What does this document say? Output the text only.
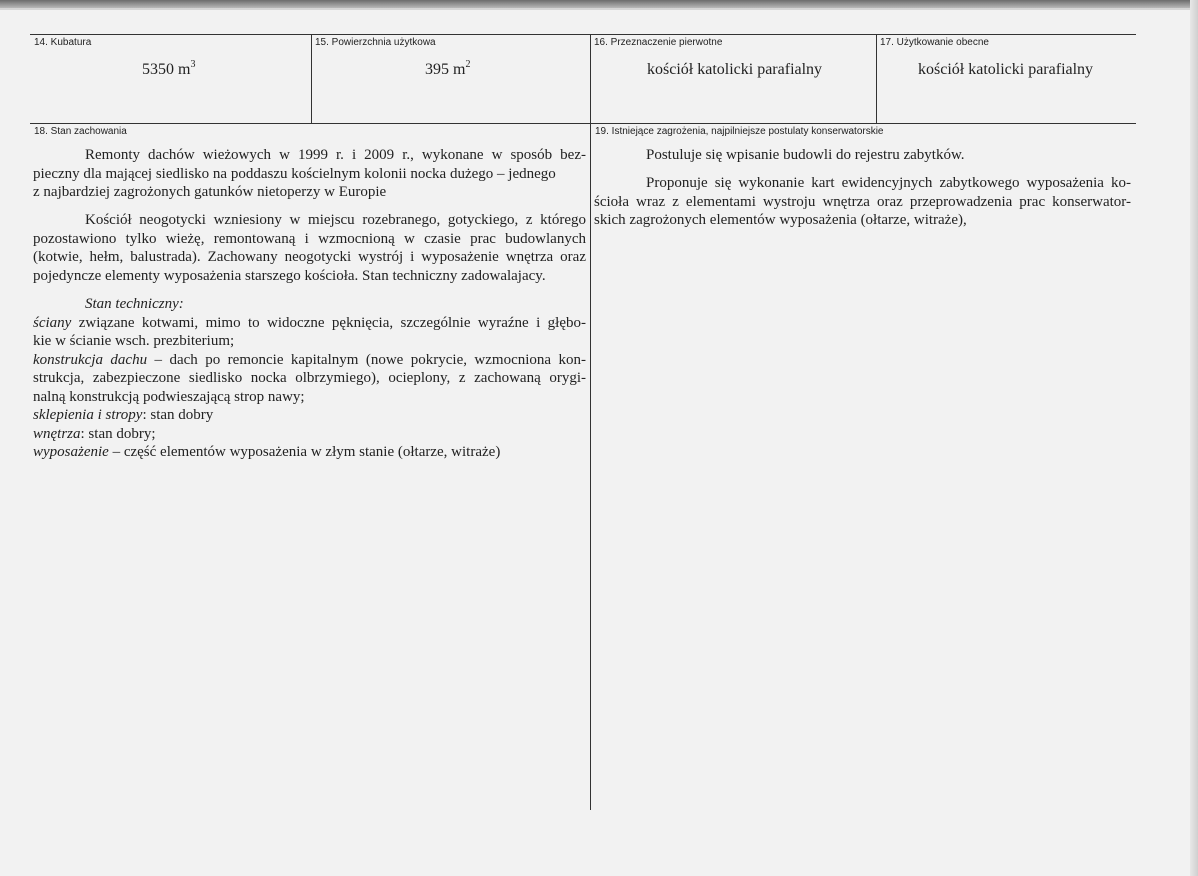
14. Kubatura
5350 $m^3$
15. Powierzchnia użytkowa
395 $m^2$
16. Przeznaczenie pierwotne
kościół katolicki parafialny
17. Użytkowanie obecne
kościół katolicki parafialny
18. Stan zachowania
Remonty dachów wieżowych w 1999 r. i 2009 r., wykonane w sposób bez-
pieczny dla mającej siedlisko na poddaszu kościelnym kolonii nocka dużego – jednego
z najbardziej zagrożonych gatunków nietoperzy w Europie
Kościół neogotycki wzniesiony w miejscu rozebranego, gotyckiego, z którego
pozostawiono tylko wieżę, remontowaną i wzmocnioną w czasie prac budowlanych
(kotwie, hełm, balustrada). Zachowany neogotycki wystrój i wyposażenie wnętrza oraz
pojedyncze elementy wyposażenia starszego kościoła. Stan techniczny zadowalajacy.
Stan techniczny:
ściany związane kotwami, mimo to widoczne pęknięcia, szczególnie wyraźne i głębo-
kie w ścianie wsch. prezbiterium;
konstrukcja dachu – dach po remoncie kapitalnym (nowe pokrycie, wzmocniona kon-
strukcja, zabezpieczone siedlisko nocka olbrzymiego), ocieplony, z zachowaną orygi-
nalną konstrukcją podwieszającą strop nawy;
sklepienia i stropy: stan dobry
wnętrza: stan dobry;
wyposażenie – część elementów wyposażenia w złym stanie (ołtarze, witraże)
19. Istniejące zagrożenia, najpilniejsze postulaty konserwatorskie
Postuluje się wpisanie budowli do rejestru zabytków.
Proponuje się wykonanie kart ewidencyjnych zabytkowego wyposażenia ko-
ścioła wraz z elementami wystroju wnętrza oraz przeprowadzenia prac konserwator-
skich zagrożonych elementów wyposażenia (ołtarze, witraże),
